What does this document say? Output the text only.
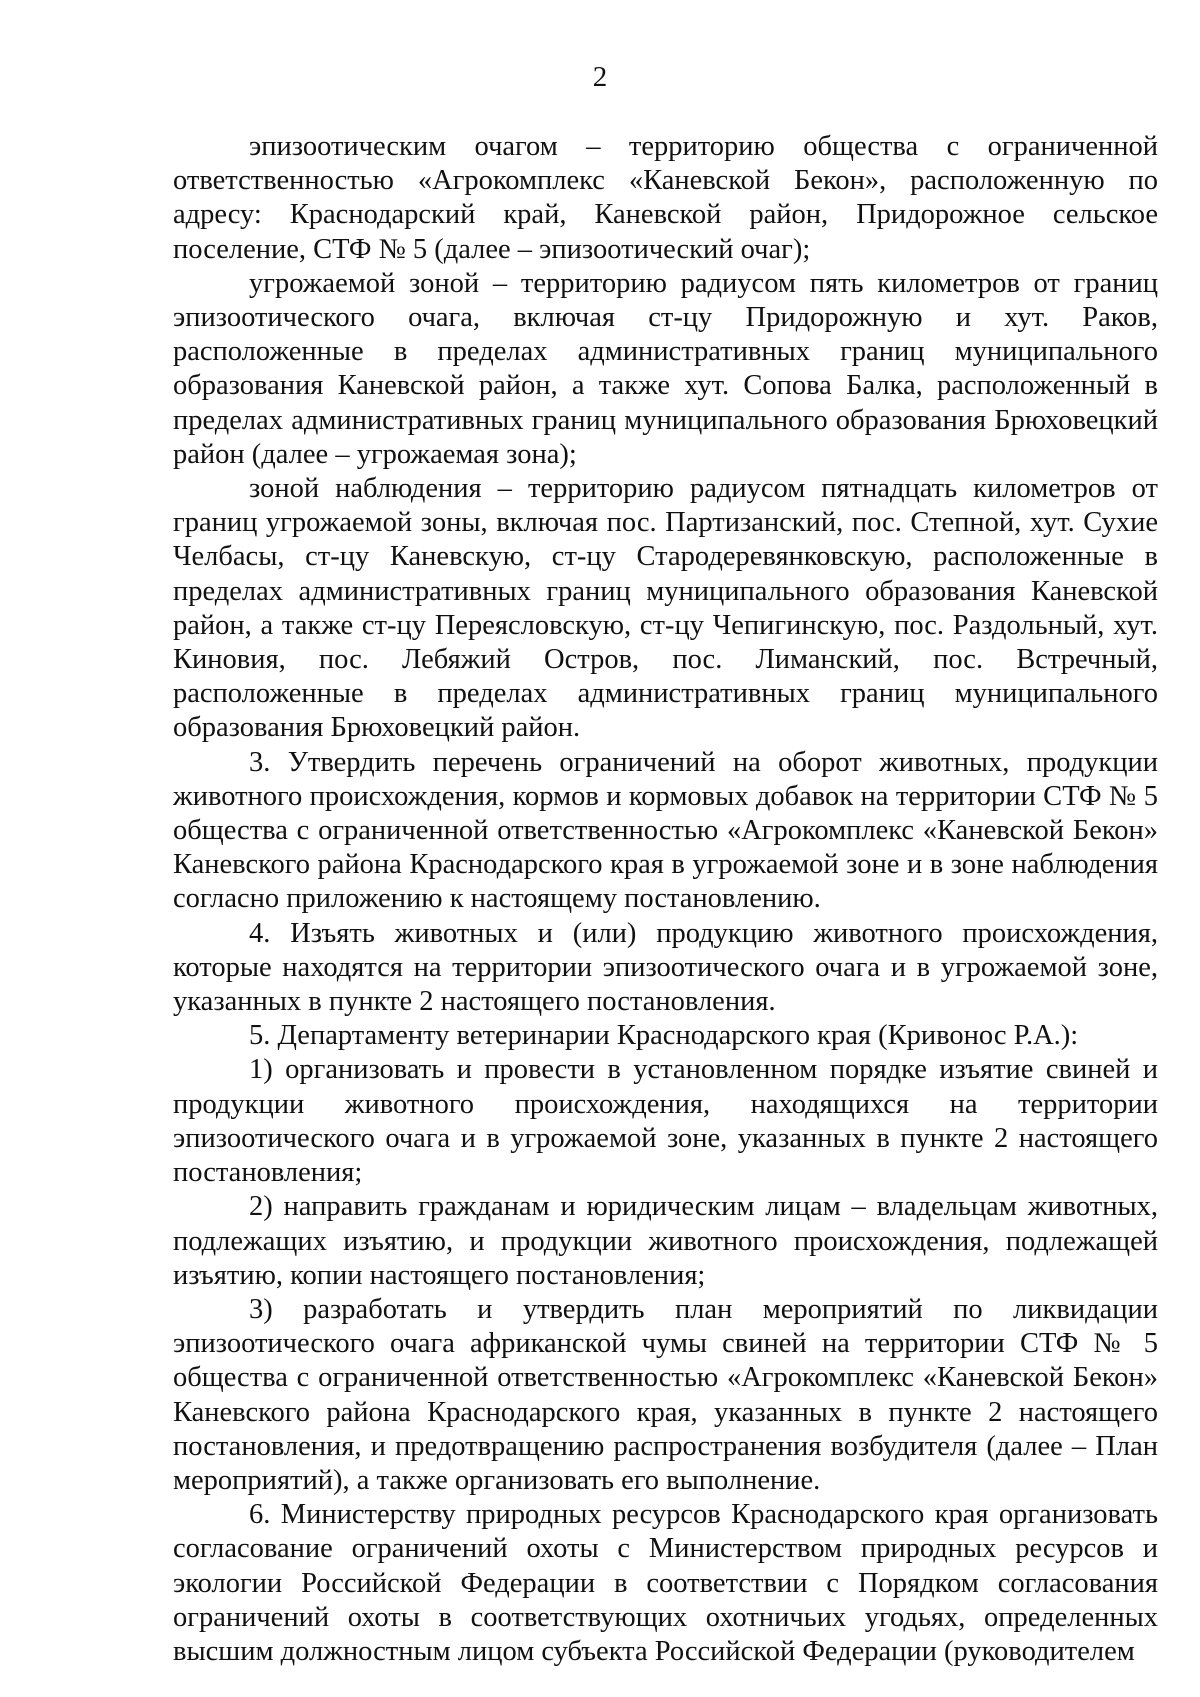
2

эпизоотическим очагом – территорию общества с ограниченной ответственностью «Агрокомплекс «Каневской Бекон», расположенную по адресу: Краснодарский край, Каневской район, Придорожное сельское поселение, СТФ № 5 (далее – эпизоотический очаг);

угрожаемой зоной – территорию радиусом пять километров от границ эпизоотического очага, включая ст-цу Придорожную и хут. Раков, расположенные в пределах административных границ муниципального образования Каневской район, а также хут. Сопова Балка, расположенный в пределах административных границ муниципального образования Брюховецкий район (далее – угрожаемая зона);

зоной наблюдения – территорию радиусом пятнадцать километров от границ угрожаемой зоны, включая пос. Партизанский, пос. Степной, хут. Сухие Челбасы, ст-цу Каневскую, ст-цу Стародеревянковскую, расположенные в пределах административных границ муниципального образования Каневской район, а также ст-цу Переясловскую, ст-цу Чепигинскую, пос. Раздольный, хут. Киновия, пос. Лебяжий Остров, пос. Лиманский, пос. Встречный, расположенные в пределах административных границ муниципального образования Брюховецкий район.

3. Утвердить перечень ограничений на оборот животных, продукции животного происхождения, кормов и кормовых добавок на территории СТФ № 5 общества с ограниченной ответственностью «Агрокомплекс «Каневской Бекон» Каневского района Краснодарского края в угрожаемой зоне и в зоне наблюдения согласно приложению к настоящему постановлению.

4. Изъять животных и (или) продукцию животного происхождения, которые находятся на территории эпизоотического очага и в угрожаемой зоне, указанных в пункте 2 настоящего постановления.

5. Департаменту ветеринарии Краснодарского края (Кривонос Р.А.):

1) организовать и провести в установленном порядке изъятие свиней и продукции животного происхождения, находящихся на территории эпизоотического очага и в угрожаемой зоне, указанных в пункте 2 настоящего постановления;

2) направить гражданам и юридическим лицам – владельцам животных, подлежащих изъятию, и продукции животного происхождения, подлежащей изъятию, копии настоящего постановления;

3) разработать и утвердить план мероприятий по ликвидации эпизоотического очага африканской чумы свиней на территории СТФ № 5 общества с ограниченной ответственностью «Агрокомплекс «Каневской Бекон» Каневского района Краснодарского края, указанных в пункте 2 настоящего постановления, и предотвращению распространения возбудителя (далее – План мероприятий), а также организовать его выполнение.

6. Министерству природных ресурсов Краснодарского края организовать согласование ограничений охоты с Министерством природных ресурсов и экологии Российской Федерации в соответствии с Порядком согласования ограничений охоты в соответствующих охотничьих угодьях, определенных высшим должностным лицом субъекта Российской Федерации (руководителем
